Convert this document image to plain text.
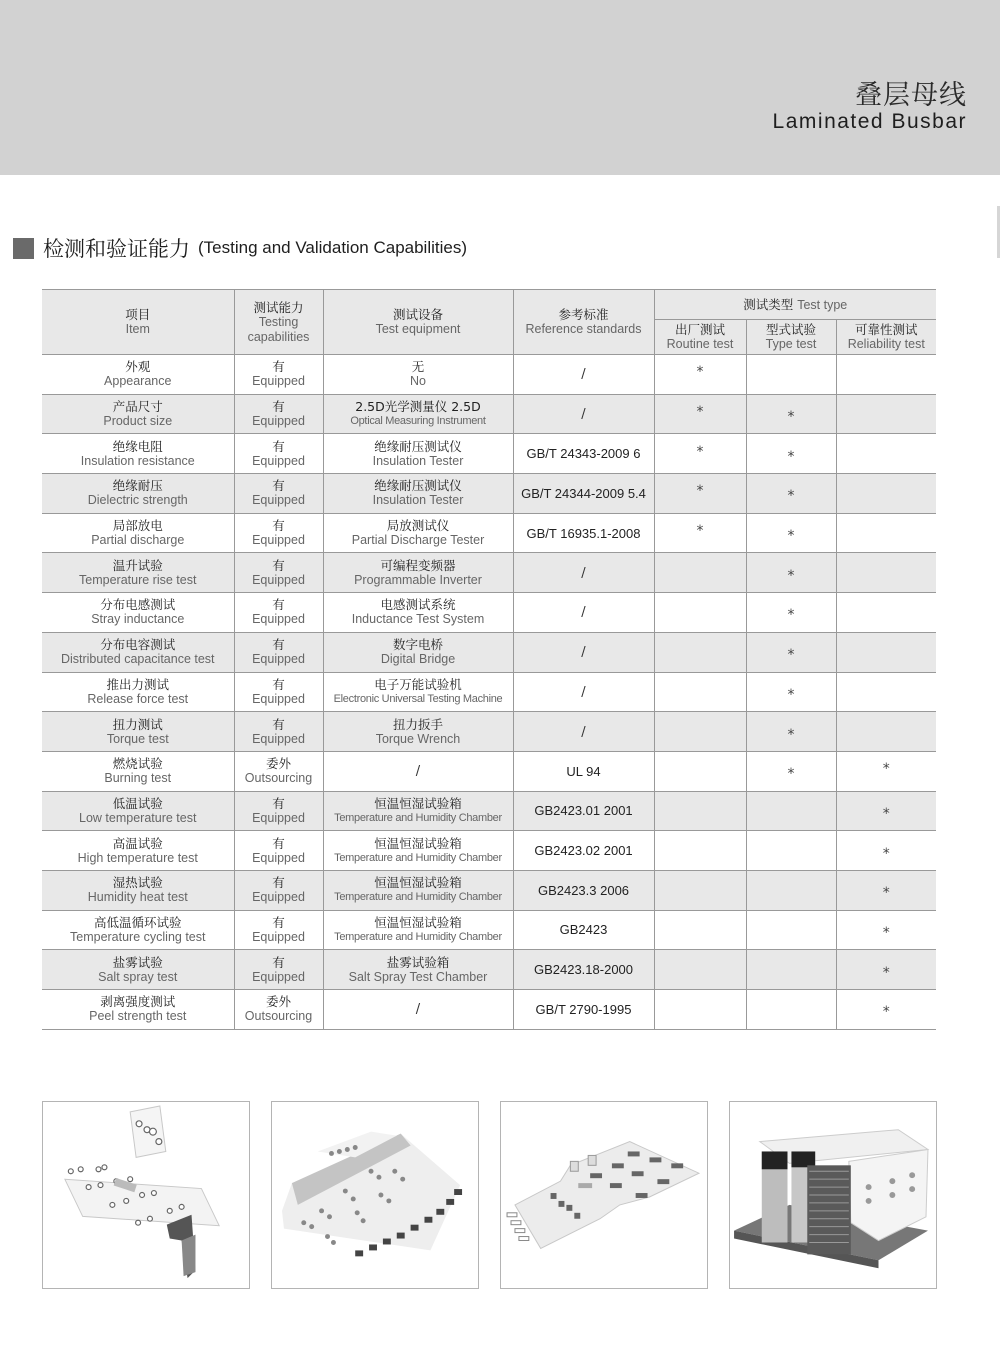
叠层母线
Laminated Busbar
检测和验证能力 (Testing and Validation Capabilities)
项目
Item	测试能力
Testing capabilities	测试设备
Test equipment	参考标准
Reference standards	测试类型 Test type		

				出厂测试
Routine test	型式试验
Type test	可靠性测试
Reliability test

外观
Appearance	有
Equipped	无
No	/	*		

产品尺寸
Product size	有
Equipped	2.5D光学测量仪 2.5D
Optical Measuring Instrument	/	*	*	

绝缘电阻
Insulation resistance	有
Equipped	绝缘耐压测试仪
Insulation Tester	GB/T 24343-2009 6	*	*	

绝缘耐压
Dielectric strength	有
Equipped	绝缘耐压测试仪
Insulation Tester	GB/T 24344-2009 5.4	*	*	

局部放电
Partial discharge	有
Equipped	局放测试仪
Partial Discharge Tester	GB/T 16935.1-2008	*	*	

温升试验
Temperature rise test	有
Equipped	可编程变频器
Programmable Inverter	/		*	

分布电感测试
Stray inductance	有
Equipped	电感测试系统
Inductance Test System	/		*	

分布电容测试
Distributed capacitance test	有
Equipped	数字电桥
Digital Bridge	/		*	

推出力测试
Release force test	有
Equipped	电子万能试验机
Electronic Universal Testing Machine	/		*	

扭力测试
Torque test	有
Equipped	扭力扳手
Torque Wrench	/		*	

燃烧试验
Burning test	委外
Outsourcing	/	UL 94		*	*

低温试验
Low temperature test	有
Equipped	恒温恒湿试验箱
Temperature and Humidity Chamber	GB2423.01 2001			*

高温试验
High temperature test	有
Equipped	恒温恒湿试验箱
Temperature and Humidity Chamber	GB2423.02 2001			*

湿热试验
Humidity heat test	有
Equipped	恒温恒湿试验箱
Temperature and Humidity Chamber	GB2423.3 2006			*

高低温循环试验
Temperature cycling test	有
Equipped	恒温恒湿试验箱
Temperature and Humidity Chamber	GB2423			*

盐雾试验
Salt spray test	有
Equipped	盐雾试验箱
Salt Spray Test Chamber	GB2423.18-2000			*

剥离强度测试
Peel strength test	委外
Outsourcing	/	GB/T 2790-1995			*
